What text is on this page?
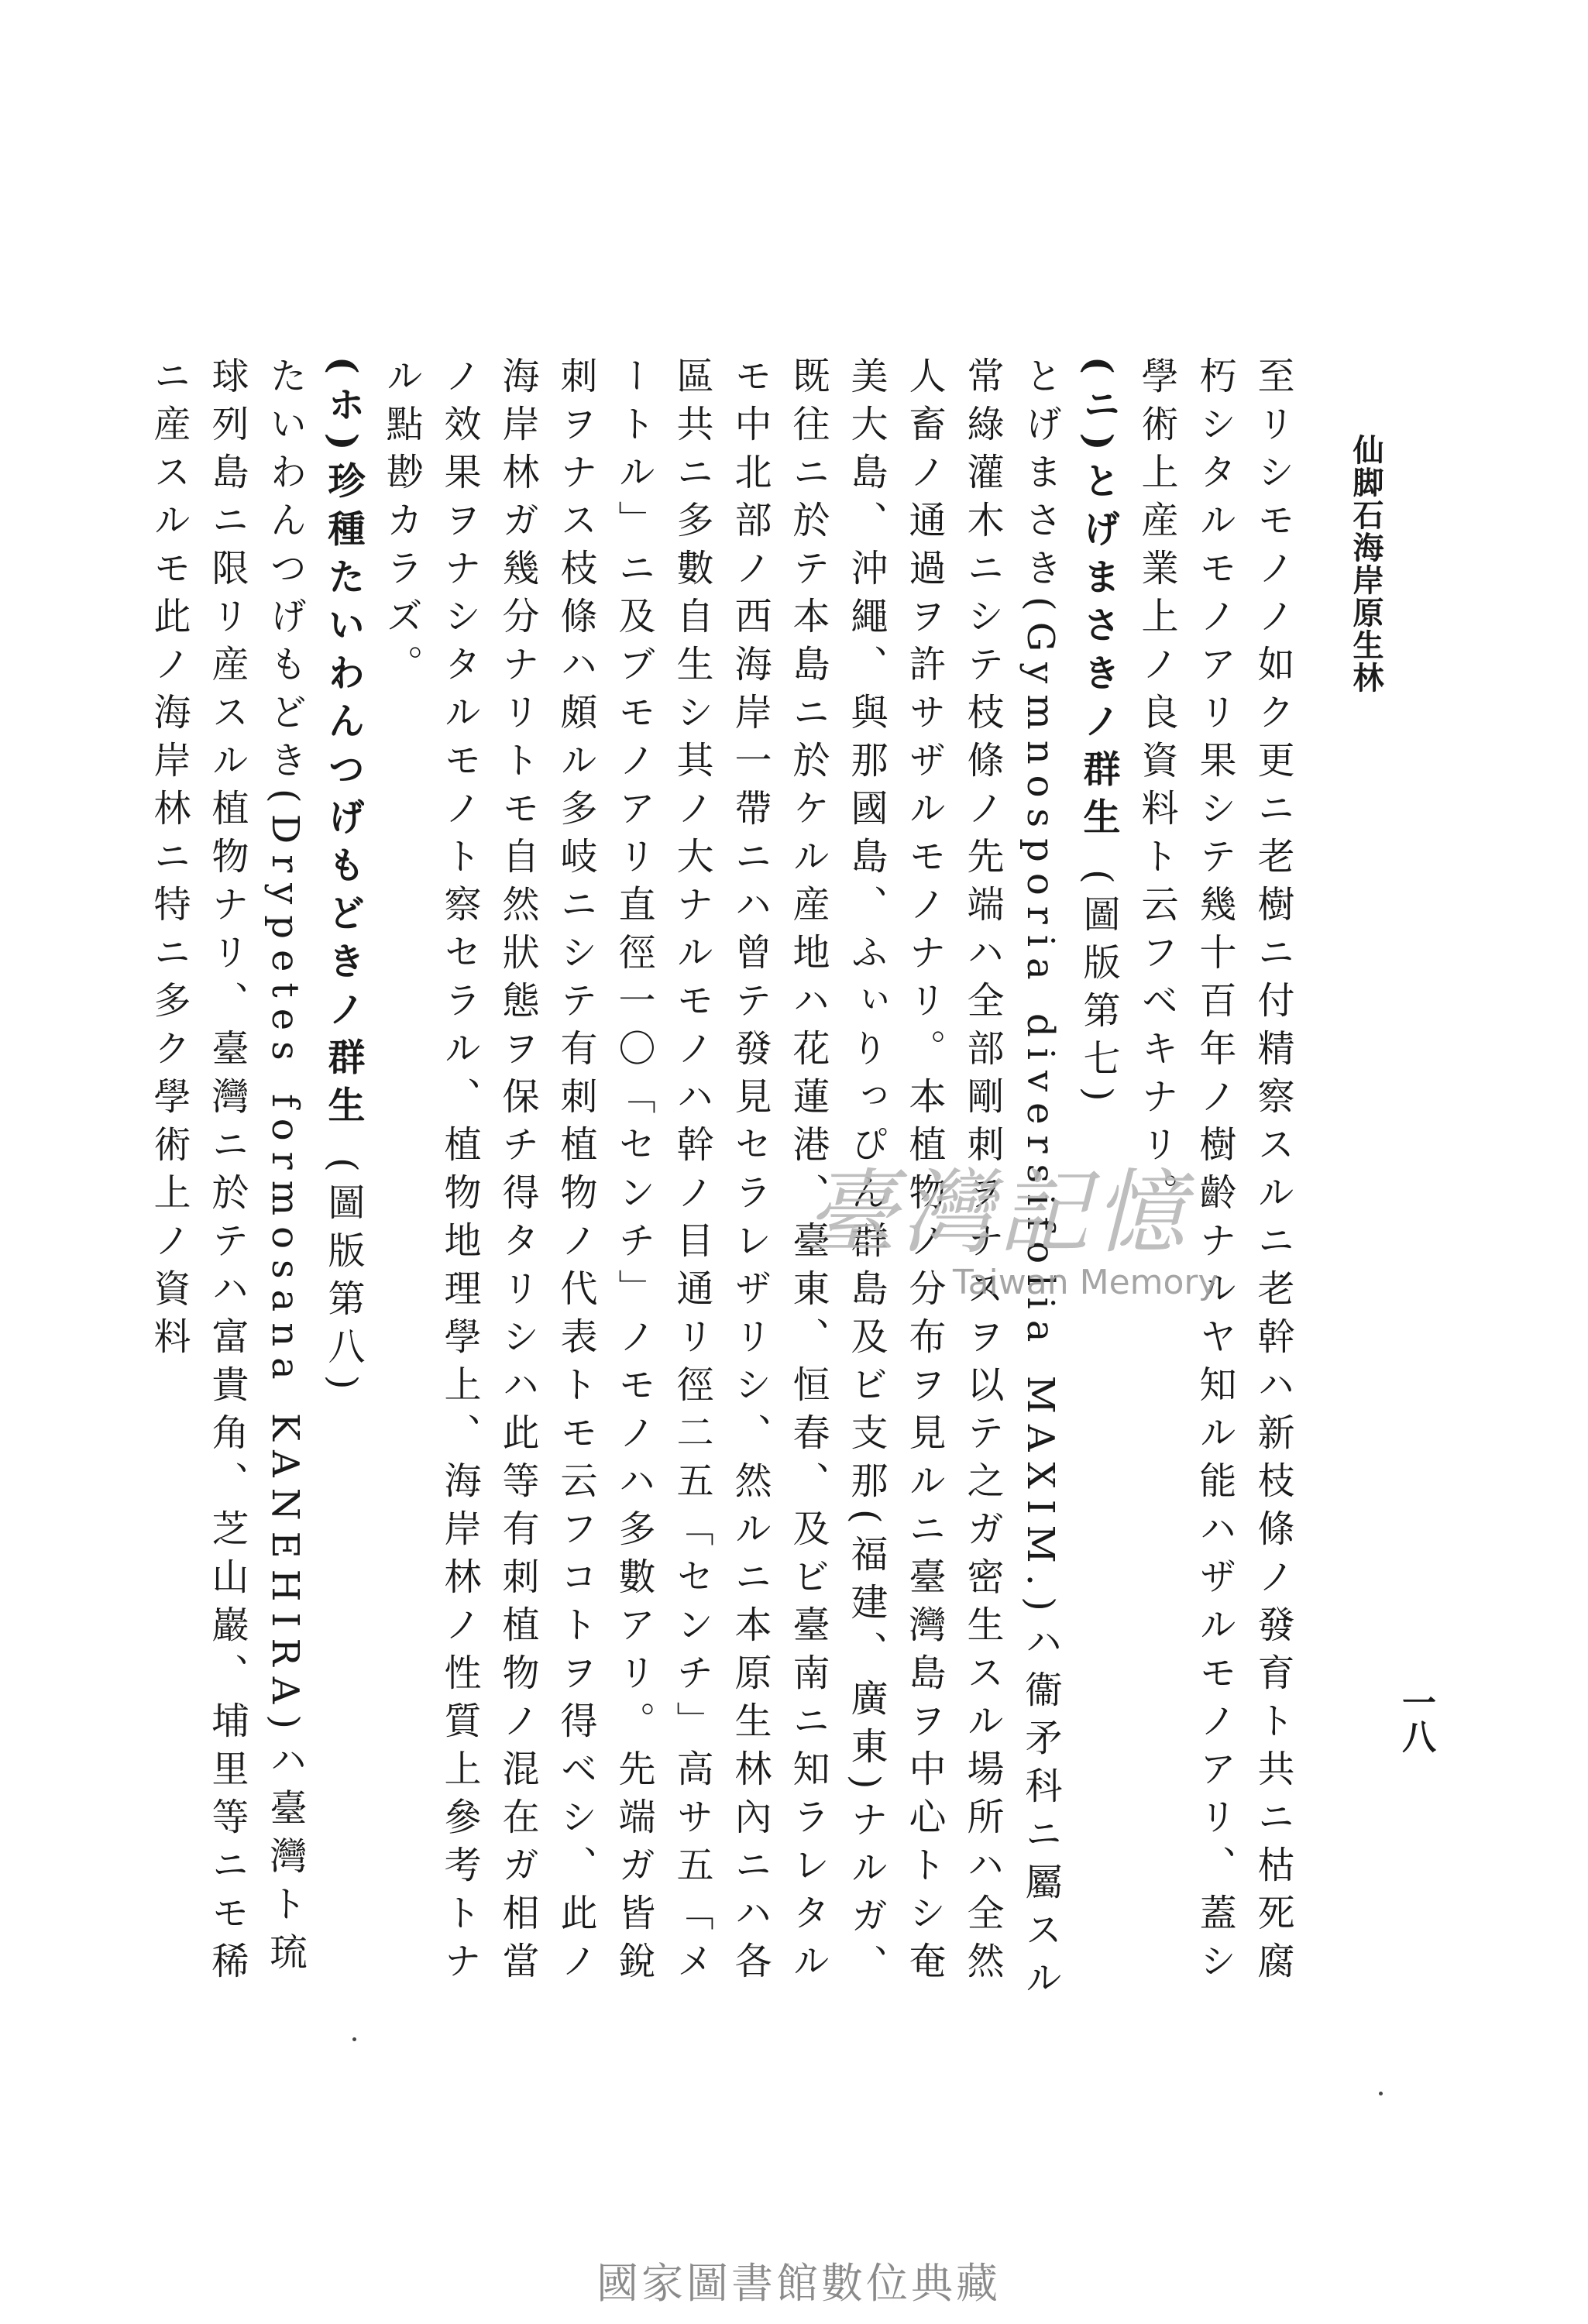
仙脚石海岸原生林
一八

至リシモノノ如ク更ニ老樹ニ付精察スルニ老幹ハ新枝條ノ發育ト共ニ枯死腐朽シタルモノアリ果シテ幾十百年ノ樹齡ナルヤ知ル能ハザルモノアリ、蓋シ學術上産業上ノ良資料ト云フベキナリ。

(ニ)とげまさきノ群生 (圖版第七)

とげまさき(Gymnosporia diversifolia MAXIM.)ハ衞矛科ニ屬スル常綠灌木ニシテ枝條ノ先端ハ全部剛刺ヲナスヲ以テ之ガ密生スル場所ハ全然人畜ノ通過ヲ許サザルモノナリ。本植物ノ分布ヲ見ルニ臺灣島ヲ中心トシ奄美大島、沖繩、與那國島、ふぃりっぴん群島及ビ支那(福建、廣東)ナルガ、既往ニ於テ本島ニ於ケル産地ハ花蓮港、臺東、恒春、及ビ臺南ニ知ラレタルモ中北部ノ西海岸一帶ニハ曾テ發見セラレザリシ、然ルニ本原生林內ニハ各區共ニ多數自生シ其ノ大ナルモノハ幹ノ目通リ徑二五「センチ」高サ五「メートル」ニ及ブモノアリ直徑一〇「センチ」ノモノハ多數アリ。先端ガ皆銳刺ヲナス枝條ハ頗ル多岐ニシテ有刺植物ノ代表トモ云フコトヲ得ベシ、此ノ海岸林ガ幾分ナリトモ自然狀態ヲ保チ得タリシハ此等有刺植物ノ混在ガ相當ノ效果ヲナシタルモノト察セラル、植物地理學上、海岸林ノ性質上參考トナル點尠カラズ。

(ホ)珍種たいわんつげもどきノ群生 (圖版第八)

たいわんつげもどき(Drypetes formosana KANEHIRA)ハ臺灣ト琉球列島ニ限リ産スル植物ナリ、臺灣ニ於テハ富貴角、芝山巖、埔里等ニモ稀ニ産スルモ此ノ海岸林ニ特ニ多ク學術上ノ資料	臺灣記憶
Taiwan Memory
國家圖書館數位典藏
